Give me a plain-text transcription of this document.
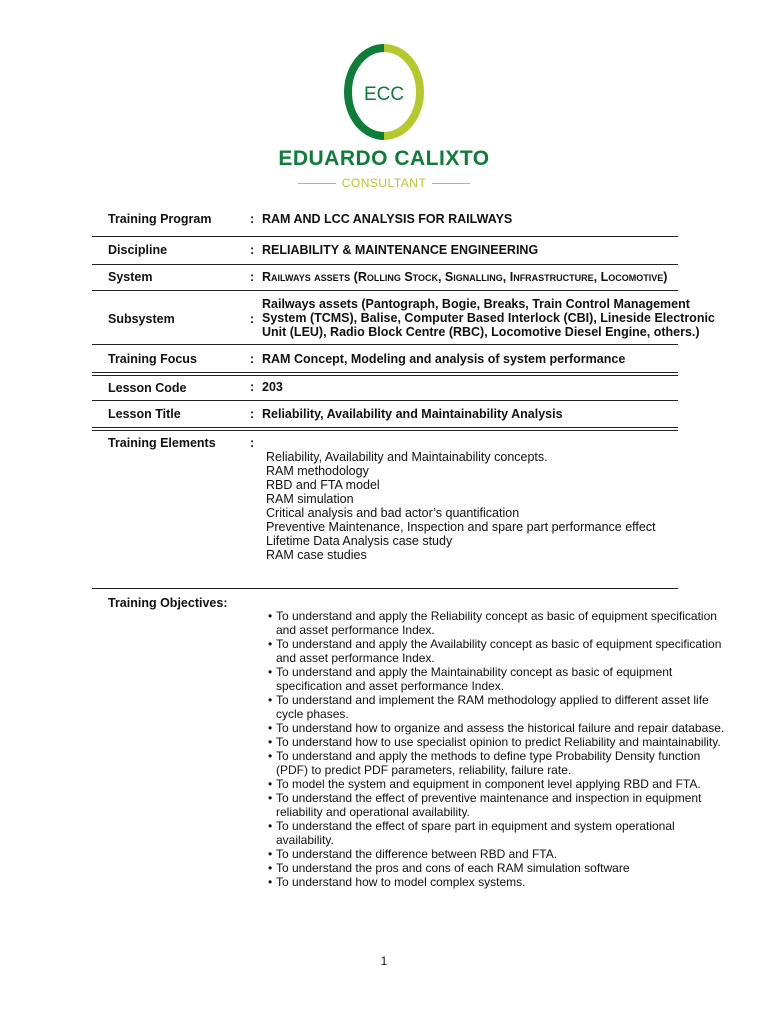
ECC
EDUARDO CALIXTO
CONSULTANT
Training Program	: RAM AND LCC ANALYSIS FOR RAILWAYS
Discipline	: RELIABILITY & MAINTENANCE ENGINEERING
System	: Railways assets (Rolling Stock, Signalling, Infrastructure, Locomotive)
Subsystem	:
Railways assets (Pantograph, Bogie, Breaks, Train Control Management
System (TCMS), Balise, Computer Based Interlock (CBI), Lineside Electronic
Unit (LEU), Radio Block Centre (RBC), Locomotive Diesel Engine, others.)
Training Focus	: RAM Concept, Modeling and analysis of system performance
Lesson Code	: 203
Lesson Title	: Reliability, Availability and Maintainability Analysis
Training Elements	:
Reliability, Availability and Maintainability concepts.
RAM methodology
RBD and FTA model
RAM simulation
Critical analysis and bad actor’s quantification
Preventive Maintenance, Inspection and spare part performance effect
Lifetime Data Analysis case study
RAM case studies
Training Objectives:
• To understand and apply the Reliability concept as basic of equipment specification
and asset performance Index.
• To understand and apply the Availability concept as basic of equipment specification
and asset performance Index.
• To understand and apply the Maintainability concept as basic of equipment
specification and asset performance Index.
• To understand and implement the RAM methodology applied to different asset life
cycle phases.
• To understand how to organize and assess the historical failure and repair database.
• To understand how to use specialist opinion to predict Reliability and maintainability.
• To understand and apply the methods to define type Probability Density function
(PDF) to predict PDF parameters, reliability, failure rate.
• To model the system and equipment in component level applying RBD and FTA.
• To understand the effect of preventive maintenance and inspection in equipment
reliability and operational availability.
• To understand the effect of spare part in equipment and system operational
availability.
• To understand the difference between RBD and FTA.
• To understand the pros and cons of each RAM simulation software
• To understand how to model complex systems.
1
